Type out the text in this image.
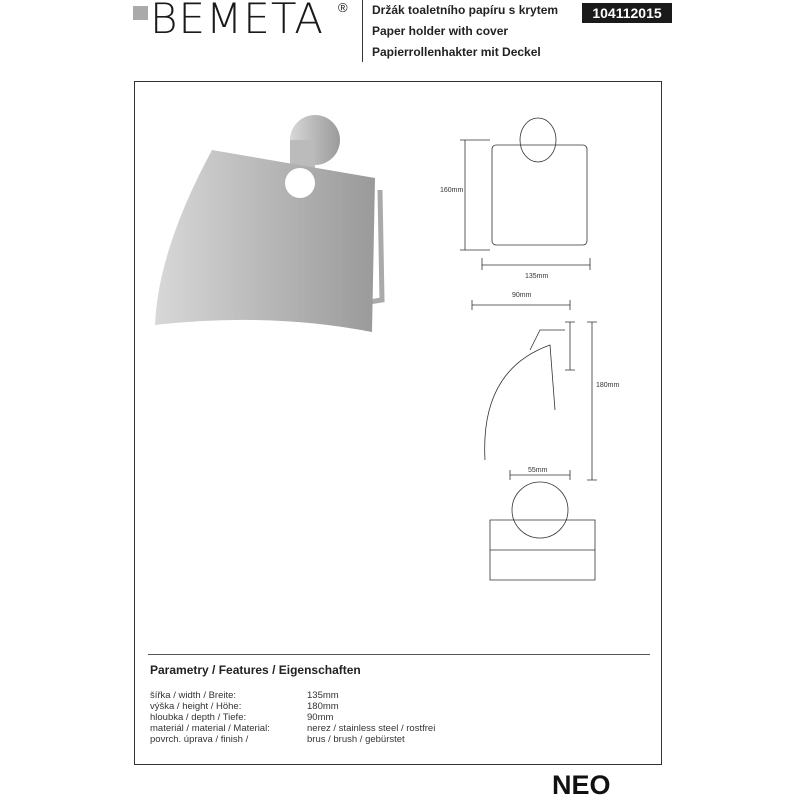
BEMETA ® Držák toaletního papíru s krytem
Paper holder with cover
Papierrollenhakter mit Deckel
104112015
160mm
135mm
90mm
180mm
55mm
Parametry / Features / Eigenschaften
šířka / width / Breite:	135mm
výška / height / Höhe:	180mm
hloubka / depth / Tiefe:	90mm
materiál / material / Material:	nerez / stainless steel / rostfrei
povrch. úprava / finish /	brus / brush / gebürstet
NEO
